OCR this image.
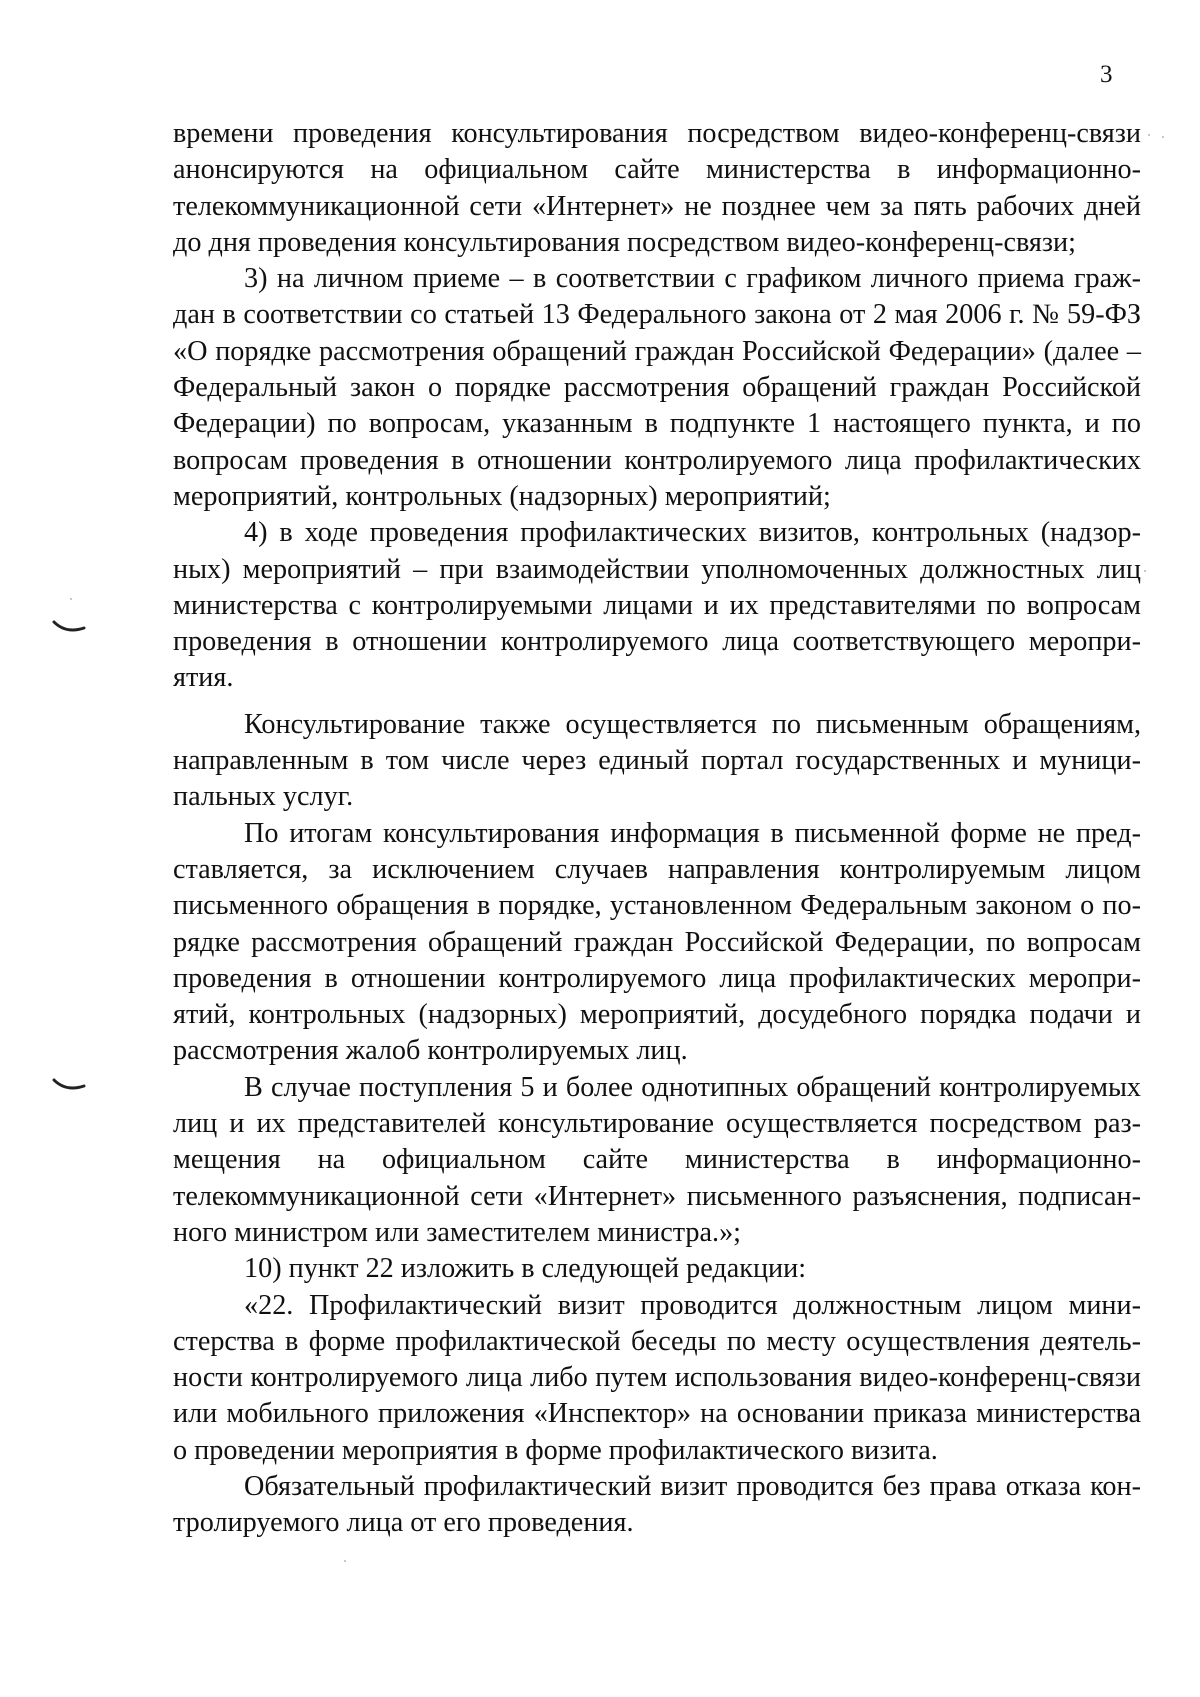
3

времени проведения консультирования посредством видео-конференц-связи анонсируются на официальном сайте министерства в информационно-телекоммуникационной сети «Интернет» не позднее чем за пять рабочих дней до дня проведения консультирования посредством видео-конференц-связи;

3) на личном приеме – в соответствии с графиком личного приема граждан в соответствии со статьей 13 Федерального закона от 2 мая 2006 г. № 59-ФЗ «О порядке рассмотрения обращений граждан Российской Федерации» (далее – Федеральный закон о порядке рассмотрения обращений граждан Российской Федерации) по вопросам, указанным в подпункте 1 настоящего пункта, и по вопросам проведения в отношении контролируемого лица профилактических мероприятий, контрольных (надзорных) мероприятий;

4) в ходе проведения профилактических визитов, контрольных (надзорных) мероприятий – при взаимодействии уполномоченных должностных лиц министерства с контролируемыми лицами и их представителями по вопросам проведения в отношении контролируемого лица соответствующего мероприятия.

Консультирование также осуществляется по письменным обращениям, направленным в том числе через единый портал государственных и муниципальных услуг.

По итогам консультирования информация в письменной форме не представляется, за исключением случаев направления контролируемым лицом письменного обращения в порядке, установленном Федеральным законом о порядке рассмотрения обращений граждан Российской Федерации, по вопросам проведения в отношении контролируемого лица профилактических мероприятий, контрольных (надзорных) мероприятий, досудебного порядка подачи и рассмотрения жалоб контролируемых лиц.

В случае поступления 5 и более однотипных обращений контролируемых лиц и их представителей консультирование осуществляется посредством размещения на официальном сайте министерства в информационно-телекоммуникационной сети «Интернет» письменного разъяснения, подписанного министром или заместителем министра.»;

10) пункт 22 изложить в следующей редакции:

«22. Профилактический визит проводится должностным лицом министерства в форме профилактической беседы по месту осуществления деятельности контролируемого лица либо путем использования видео-конференц-связи или мобильного приложения «Инспектор» на основании приказа министерства о проведении мероприятия в форме профилактического визита.

Обязательный профилактический визит проводится без права отказа контролируемого лица от его проведения.
